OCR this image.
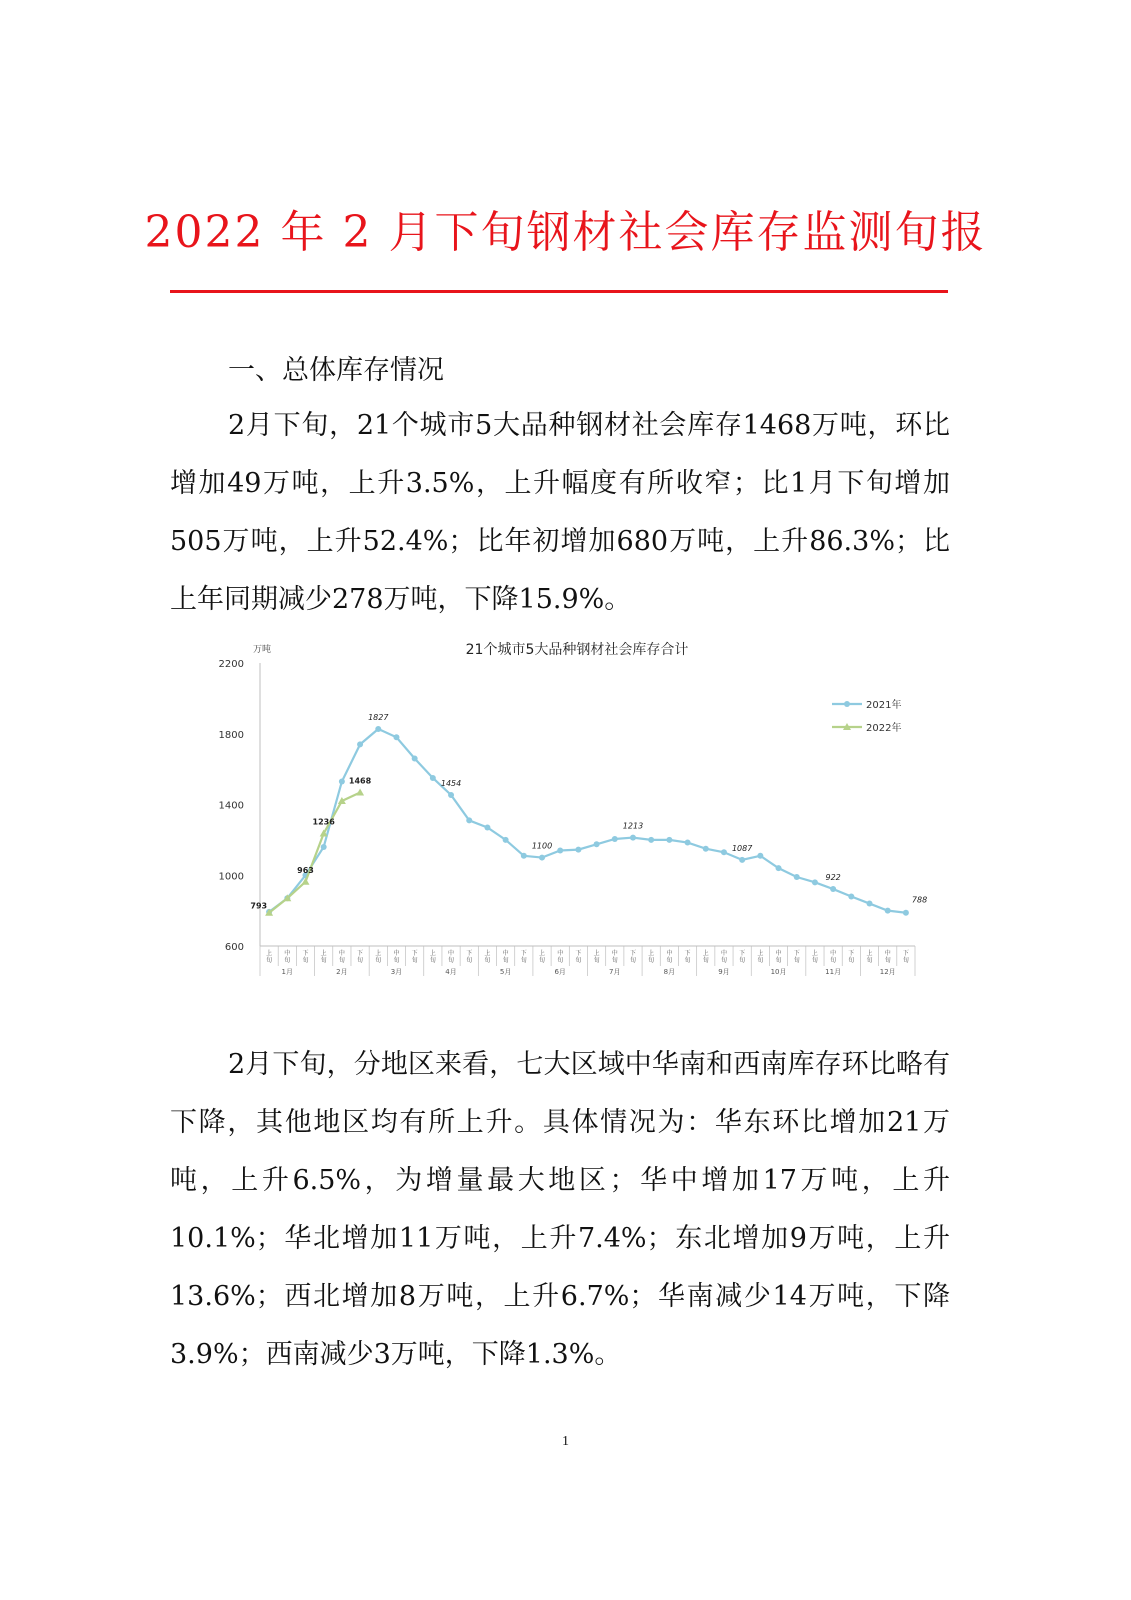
2022 年 2 月下旬钢材社会库存监测旬报
一、总体库存情况

2月下旬，21个城市5大品种钢材社会库存1468万吨，环比增加49万吨，上升3.5%，上升幅度有所收窄；比1月下旬增加505万吨，上升52.4%；比年初增加680万吨，上升86.3%；比上年同期减少278万吨，下降15.9%。

21个城市5大品种钢材社会库存合计
万吨
600
1000
1400
1800
2200
上旬
中旬
下旬
上旬
中旬
下旬
上旬
中旬
下旬
上旬
中旬
下旬
上旬
中旬
下旬
上旬
中旬
下旬
上旬
中旬
下旬
上旬
中旬
下旬
上旬
中旬
下旬
上旬
中旬
下旬
上旬
中旬
下旬
上旬
中旬
下旬
1月	2月	3月	4月	5月	6月	7月	8月	9月	10月	11月	12月
1827
1454
1100
1213
1087
922
788
793
963
1236
1468
2021年
2022年

2月下旬，分地区来看，七大区域中华南和西南库存环比略有下降，其他地区均有所上升。具体情况为：华东环比增加21万吨，上升6.5%，为增量最大地区；华中增加17万吨，上升10.1%；华北增加11万吨，上升7.4%；东北增加9万吨，上升13.6%；西北增加8万吨，上升6.7%；华南减少14万吨，下降3.9%；西南减少3万吨，下降1.3%。

1
